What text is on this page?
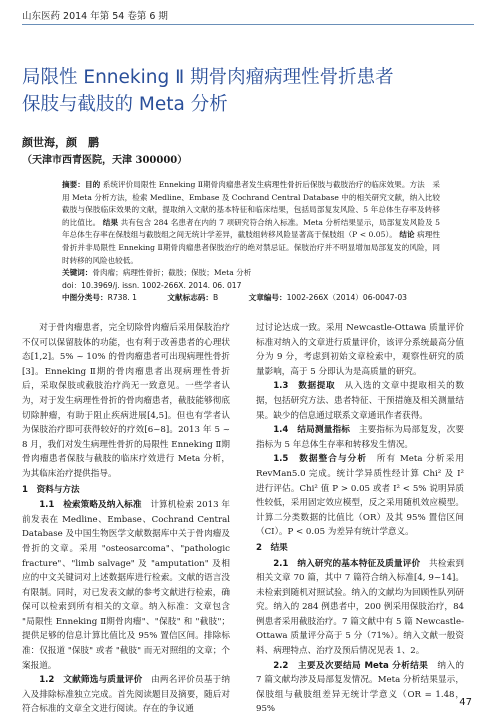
山东医药 2014 年第 54 卷第 6 期
局限性 Enneking Ⅱ 期骨肉瘤病理性骨折患者
保肢与截肢的 Meta 分析
颜世海，颜　鹏
（天津市西青医院，天津 300000）

摘要：目的 系统评价局限性 Enneking Ⅱ期骨肉瘤患者发生病理性骨折后保肢与截肢治疗的临床效果。方法　采用 Meta 分析方法，检索 Medline、Embase 及 Cochrand Central Database 中的相关研究文献，纳入比较截肢与保肢临床效果的文献，提取纳入文献的基本特征和临床结果，包括局部复发风险、5 年总体生存率及转移的比值比。 结果 共有包含 284 名患者在内的 7 项研究符合纳入标准。Meta 分析结果显示，局部复发风险及 5 年总体生存率在保肢组与截肢组之间无统计学差异，截肢组转移风险显著高于保肢组（P < 0.05）。 结论 病理性骨折并非局限性 Enneking Ⅱ期骨肉瘤患者保肢治疗的绝对禁忌证。保肢治疗并不明显增加局部复发的风险，同时转移的风险也较低。

关键词：骨肉瘤；病理性骨折；截肢；保肢；Meta 分析

doi：10.3969/j. issn. 1002-266X. 2014. 06. 017

中图分类号：R738. 1	文献标志码：B	文章编号：1002-266X（2014）06-0047-03

对于骨肉瘤患者，完全切除骨肉瘤后采用保肢治疗不仅可以保留肢体的功能，也有利于改善患者的心理状态[1,2]。5% ~ 10% 的骨肉瘤患者可出现病理性骨折[3]。Enneking Ⅱ期的骨肉瘤患者出现病理性骨折后，采取保肢或截肢治疗尚无一致意见。一些学者认为，对于发生病理性骨折的骨肉瘤患者，截肢能够彻底切除肿瘤，有助于阻止疾病进展[4,5]。但也有学者认为保肢治疗即可获得较好的疗效[6~8]。2013 年 5 ~ 8 月，我们对发生病理性骨折的局限性 Enneking Ⅱ期骨肉瘤患者保肢与截肢的临床疗效进行 Meta 分析，为其临床治疗提供指导。

1　资料与方法

1.1　检索策略及纳入标准　 计算机检索 2013 年前发表在 Medline、Embase、Cochrand Central Database 及中国生物医学文献数据库中关于骨肉瘤及骨折的文章。采用 "osteosarcoma"、"pathologic fracture"、"limb salvage" 及 "amputation" 及相应的中文关键词对上述数据库进行检索。文献的语言没有限制。同时，对已发表文献的参考文献进行检索，确保可以检索到所有相关的文章。纳入标准：文章包含 "局限性 Enneking Ⅱ期骨肉瘤"、"保肢" 和 "截肢"；提供足够的信息计算比值比及 95% 置信区间。排除标准：仅报道 "保肢" 或者 "截肢" 而无对照组的文章；个案报道。

1.2　文献筛选与质量评价　 由两名评价员基于纳入及排除标准独立完成。首先阅读题目及摘要，随后对符合标准的文章全文进行阅读。存在的争议通

过讨论达成一致。采用 Newcastle-Ottawa 质量评价标准对纳入的文章进行质量评价，该评分系统最高分值分为 9 分，考虑到初始文章检索中，观察性研究的质量影响，高于 5 分即认为是高质量的研究。

1.3　数据提取　 从入选的文章中提取相关的数据，包括研究方法、患者特征、干预措施及相关测量结果。缺少的信息通过联系文章通讯作者获得。

1.4　结局测量指标　 主要指标为局部复发，次要指标为 5 年总体生存率和转移发生情况。

1.5　数据整合与分析　 所有 Meta 分析采用 RevMan5.0 完成。统计学异质性经计算 Chi² 及 I² 进行评估。Chi² 值 P > 0.05 或者 I² < 5% 说明异质性较低，采用固定效应模型，反之采用随机效应模型。计算二分类数据的比值比（OR）及其 95% 置信区间（CI）。P < 0.05 为差异有统计学意义。

2　结果

2.1　纳入研究的基本特征及质量评价　 共检索到相关文章 70 篇，其中 7 篇符合纳入标准[4, 9~14]。未检索到随机对照试验。纳入的文献均为回顾性队列研究。纳入的 284 例患者中，200 例采用保肢治疗，84 例患者采用截肢治疗。7 篇文献中有 5 篇 Newcastle-Ottawa 质量评分高于 5 分（71%）。纳入文献一般资料、病理特点、治疗及预后情况见表 1、2。

2.2　主要及次要结局 Meta 分析结果　 纳入的 7 篇文献均涉及局部复发情况。Meta 分析结果显示，保肢组与截肢组差异无统计学意义（OR = 1.48，95%

47
